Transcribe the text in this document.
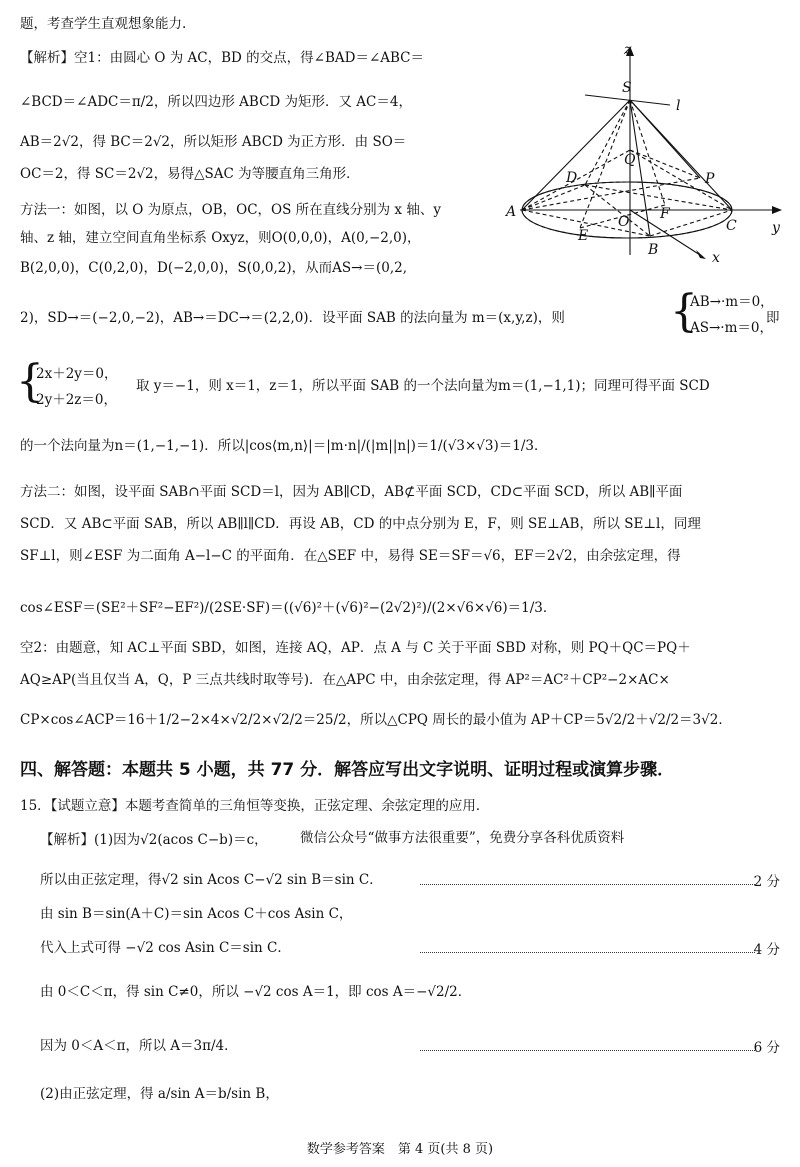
题，考查学生直观想象能力.
【解析】空1：由圆心 O 为 AC，BD 的交点，得∠BAD＝∠ABC＝
∠BCD＝∠ADC＝π/2，所以四边形 ABCD 为矩形．又 AC＝4，
AB＝2√2，得 BC＝2√2，所以矩形 ABCD 为正方形．由 SO＝
OC＝2，得 SC＝2√2，易得△SAC 为等腰直角三角形．
方法一：如图，以 O 为原点，OB，OC，OS 所在直线分别为 x 轴、y
轴、z 轴，建立空间直角坐标系 Oxyz，则O(0,0,0)，A(0,−2,0)，
B(2,0,0)，C(0,2,0)，D(−2,0,0)，S(0,0,2)，从而AS→＝(0,2,
2)，SD→＝(−2,0,−2)，AB→＝DC→＝(2,2,0)．设平面 SAB 的法向量为 m＝(x,y,z)，则	{
AB→·m＝0，
AS→·m＝0，
即
{
2x＋2y＝0，
2y＋2z＝0，
取 y＝−1，则 x＝1，z＝1，所以平面 SAB 的一个法向量为m＝(1,−1,1)；同理可得平面 SCD
的一个法向量为n＝(1,−1,−1)．所以|cos⟨m,n⟩|＝|m·n|/(|m||n|)＝1/(√3×√3)＝1/3．
方法二：如图，设平面 SAB∩平面 SCD＝l，因为 AB∥CD，AB⊄平面 SCD，CD⊂平面 SCD，所以 AB∥平面
SCD．又 AB⊂平面 SAB，所以 AB∥l∥CD．再设 AB，CD 的中点分别为 E，F，则 SE⊥AB，所以 SE⊥l，同理
SF⊥l，则∠ESF 为二面角 A−l−C 的平面角．在△SEF 中，易得 SE＝SF＝√6，EF＝2√2，由余弦定理，得
cos∠ESF＝(SE²＋SF²−EF²)/(2SE·SF)＝((√6)²＋(√6)²−(2√2)²)/(2×√6×√6)＝1/3．
空2：由题意，知 AC⊥平面 SBD，如图，连接 AQ，AP．点 A 与 C 关于平面 SBD 对称，则 PQ＋QC＝PQ＋
AQ≥AP(当且仅当 A，Q，P 三点共线时取等号)．在△APC 中，由余弦定理，得 AP²＝AC²＋CP²−2×AC×
CP×cos∠ACP＝16＋1/2−2×4×√2/2×√2/2＝25/2，所以△CPQ 周长的最小值为 AP＋CP＝5√2/2＋√2/2＝3√2．
四、解答题：本题共 5 小题，共 77 分．解答应写出文字说明、证明过程或演算步骤．
15．【试题立意】本题考查简单的三角恒等变换，正弦定理、余弦定理的应用．
【解析】(1)因为√2(acos C−b)＝c，	微信公众号“做事方法很重要”，免费分享各科优质资料
所以由正弦定理，得√2 sin Acos C−√2 sin B＝sin C．	2 分
由 sin B＝sin(A＋C)＝sin Acos C＋cos Asin C，
代入上式可得 −√2 cos Asin C＝sin C．	4 分
由 0＜C＜π，得 sin C≠0，所以 −√2 cos A＝1，即 cos A＝−√2/2．
因为 0＜A＜π，所以 A＝3π/4．	6 分
(2)由正弦定理，得 a/sin A＝b/sin B，
数学参考答案　第 4 页(共 8 页)
z
S
l
Q
D	P
A
O F
C	y
E
B	x
